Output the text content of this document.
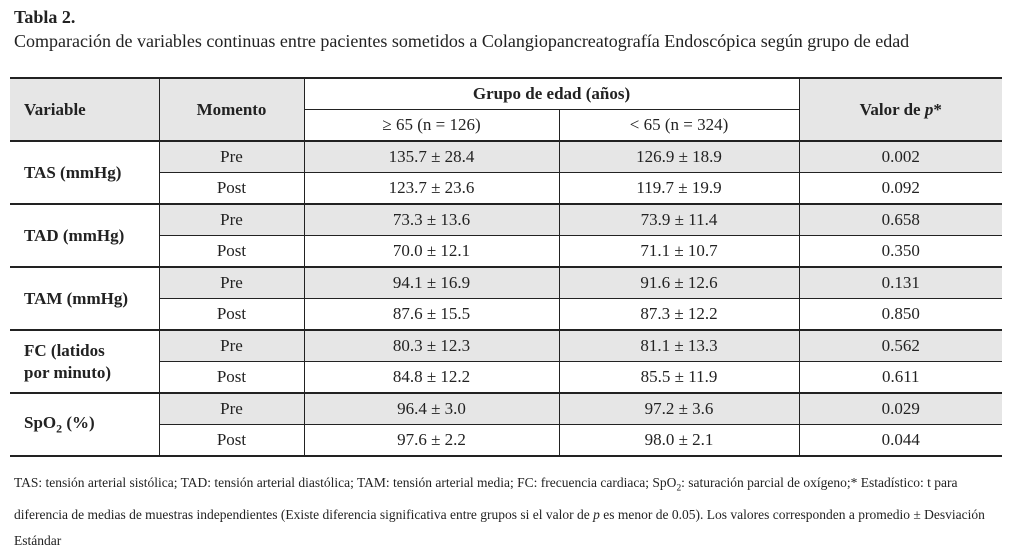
Tabla 2.
Comparación de variables continuas entre pacientes sometidos a Colangiopancreatografía Endoscópica según grupo de edad
Variable	Momento	Grupo de edad (años)		Valor de p*
		≥ 65 (n = 126)	< 65 (n = 324)	
TAS (mmHg)	Pre	135.7 ± 28.4	126.9 ± 18.9	0.002
	Post	123.7 ± 23.6	119.7 ± 19.9	0.092
TAD (mmHg)	Pre	73.3 ± 13.6	73.9 ± 11.4	0.658
	Post	70.0 ± 12.1	71.1 ± 10.7	0.350
TAM (mmHg)	Pre	94.1 ± 16.9	91.6 ± 12.6	0.131
	Post	87.6 ± 15.5	87.3 ± 12.2	0.850
FC (latidos
por minuto)	Pre	80.3 ± 12.3	81.1 ± 13.3	0.562
	Post	84.8 ± 12.2	85.5 ± 11.9	0.611
SpO$_2$ (%)	Pre	96.4 ± 3.0	97.2 ± 3.6	0.029
	Post	97.6 ± 2.2	98.0 ± 2.1	0.044
TAS: tensión arterial sistólica; TAD: tensión arterial diastólica; TAM: tensión arterial media; FC: frecuencia cardiaca; SpO$_2$: saturación parcial de oxígeno;* Estadístico: t para diferencia de medias de muestras independientes (Existe diferencia significativa entre grupos si el valor de p es menor de 0.05). Los valores corresponden a promedio ± Desviación Estándar
